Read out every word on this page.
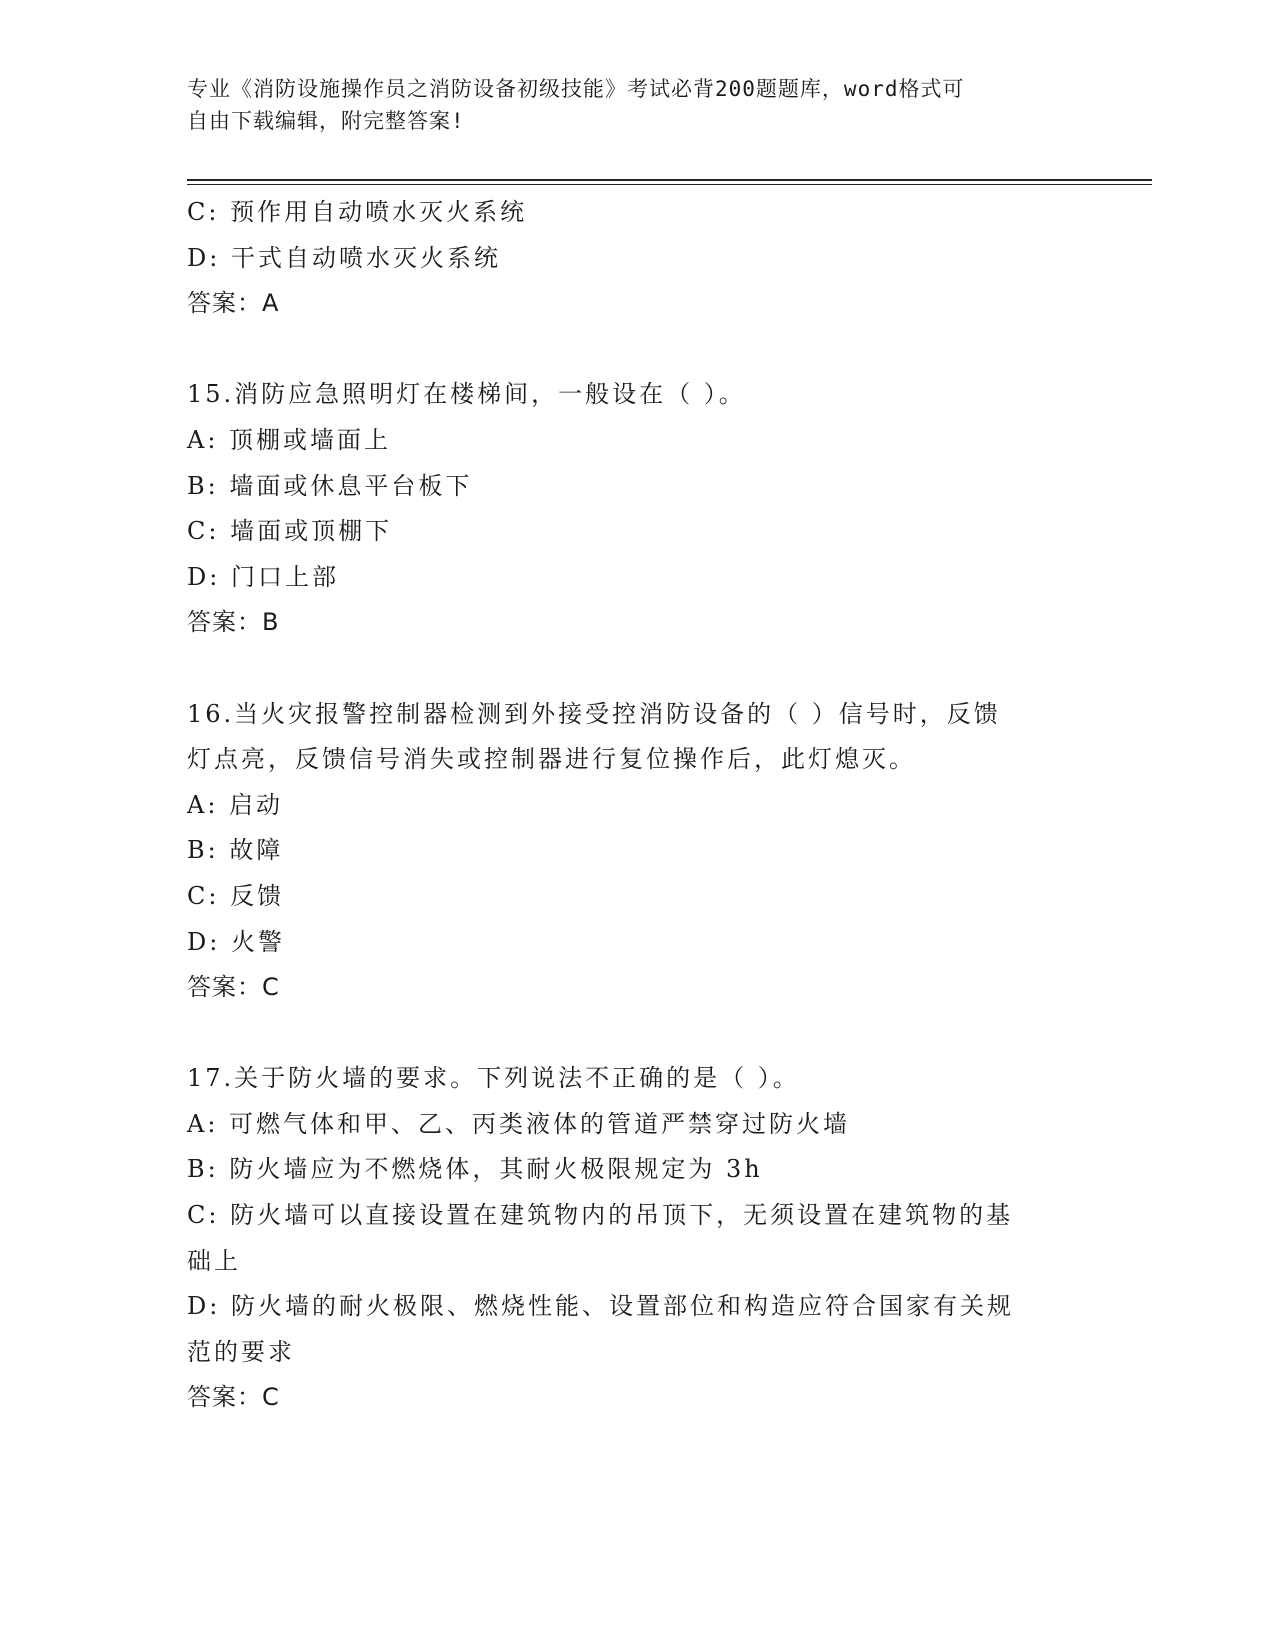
专业《消防设施操作员之消防设备初级技能》考试必背200题题库，word格式可
自由下载编辑，附完整答案!
C: 预作用自动喷水灭火系统
D: 干式自动喷水灭火系统
答案：A
15.消防应急照明灯在楼梯间，一般设在（ ）。
A: 顶棚或墙面上
B: 墙面或休息平台板下
C: 墙面或顶棚下
D: 门口上部
答案：B
16.当火灾报警控制器检测到外接受控消防设备的（ ）信号时，反馈
灯点亮，反馈信号消失或控制器进行复位操作后，此灯熄灭。
A: 启动
B: 故障
C: 反馈
D: 火警
答案：C
17.关于防火墙的要求。下列说法不正确的是（ ）。
A: 可燃气体和甲、乙、丙类液体的管道严禁穿过防火墙
B: 防火墙应为不燃烧体，其耐火极限规定为 3h
C: 防火墙可以直接设置在建筑物内的吊顶下，无须设置在建筑物的基
础上
D: 防火墙的耐火极限、燃烧性能、设置部位和构造应符合国家有关规
范的要求
答案：C
